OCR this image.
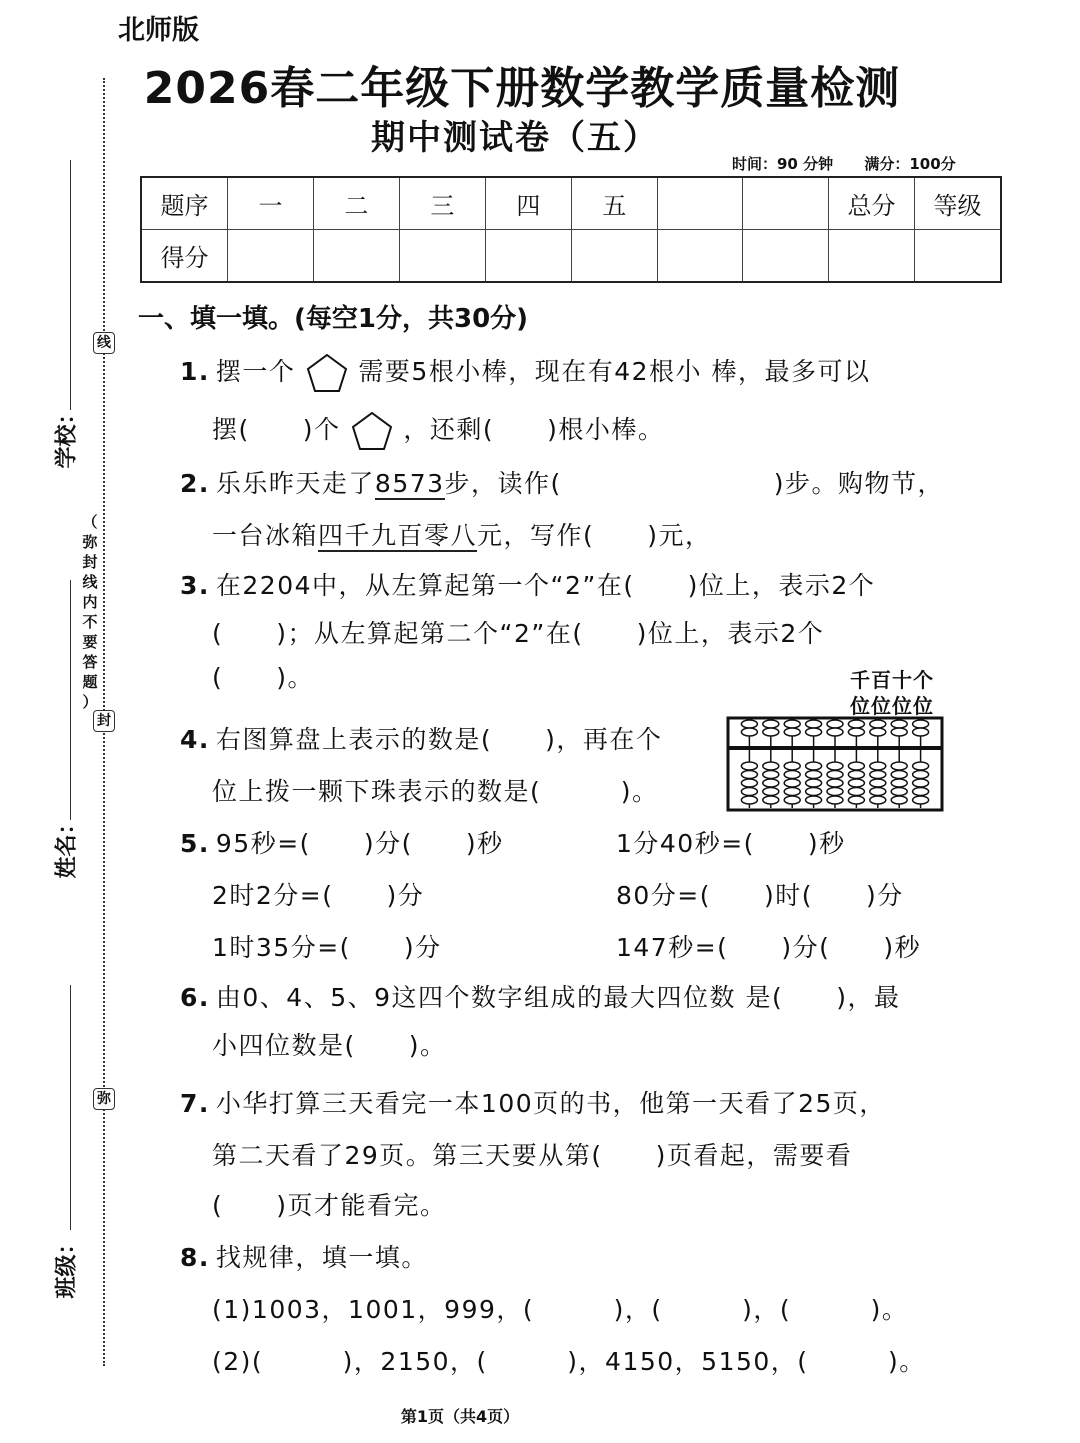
学校：
姓名：
班级：
线
封
弥
（
弥
封
线
内
不
要
答
题
）
北师版
2026春二年级下册数学教学质量检测
期中测试卷（五）
时间：90 分钟 满分：100分
题序	一	二	三	四	五			总分	等级
得分									
一、填一填。(每空1分，共30分)
1. 摆一个	需要5根小棒，现在有42根小 棒，最多可以
摆(　　)个	，还剩(　　)根小棒。
2. 乐乐昨天走了8573步，读作(　　　　　　　　)步。购物节，
一台冰箱四千九百零八元，写作(　　)元，
3. 在2204中，从左算起第一个“2”在(　　)位上，表示2个
(　　)；从左算起第二个“2”在(　　)位上，表示2个
(　　)。
4. 右图算盘上表示的数是(　　)，再在个
位上拨一颗下珠表示的数是(　　　)。
千百十个
位位位位
5. 95秒=(　　)分(　　)秒	1分40秒=(　　)秒
2时2分=(　　)分	80分=(　　)时(　　)分
1时35分=(　　)分	147秒=(　　)分(　　)秒
6. 由0、4、5、9这四个数字组成的最大四位数 是(　　)，最
小四位数是(　　)。
7. 小华打算三天看完一本100页的书，他第一天看了25页，
第二天看了29页。第三天要从第(　　)页看起，需要看
(　　)页才能看完。
8. 找规律，填一填。
(1)1003，1001，999，(　　　)，(　　　)，(　　　)。
(2)(　　　)，2150，(　　　)，4150，5150，(　　　)。
第1页（共4页）
